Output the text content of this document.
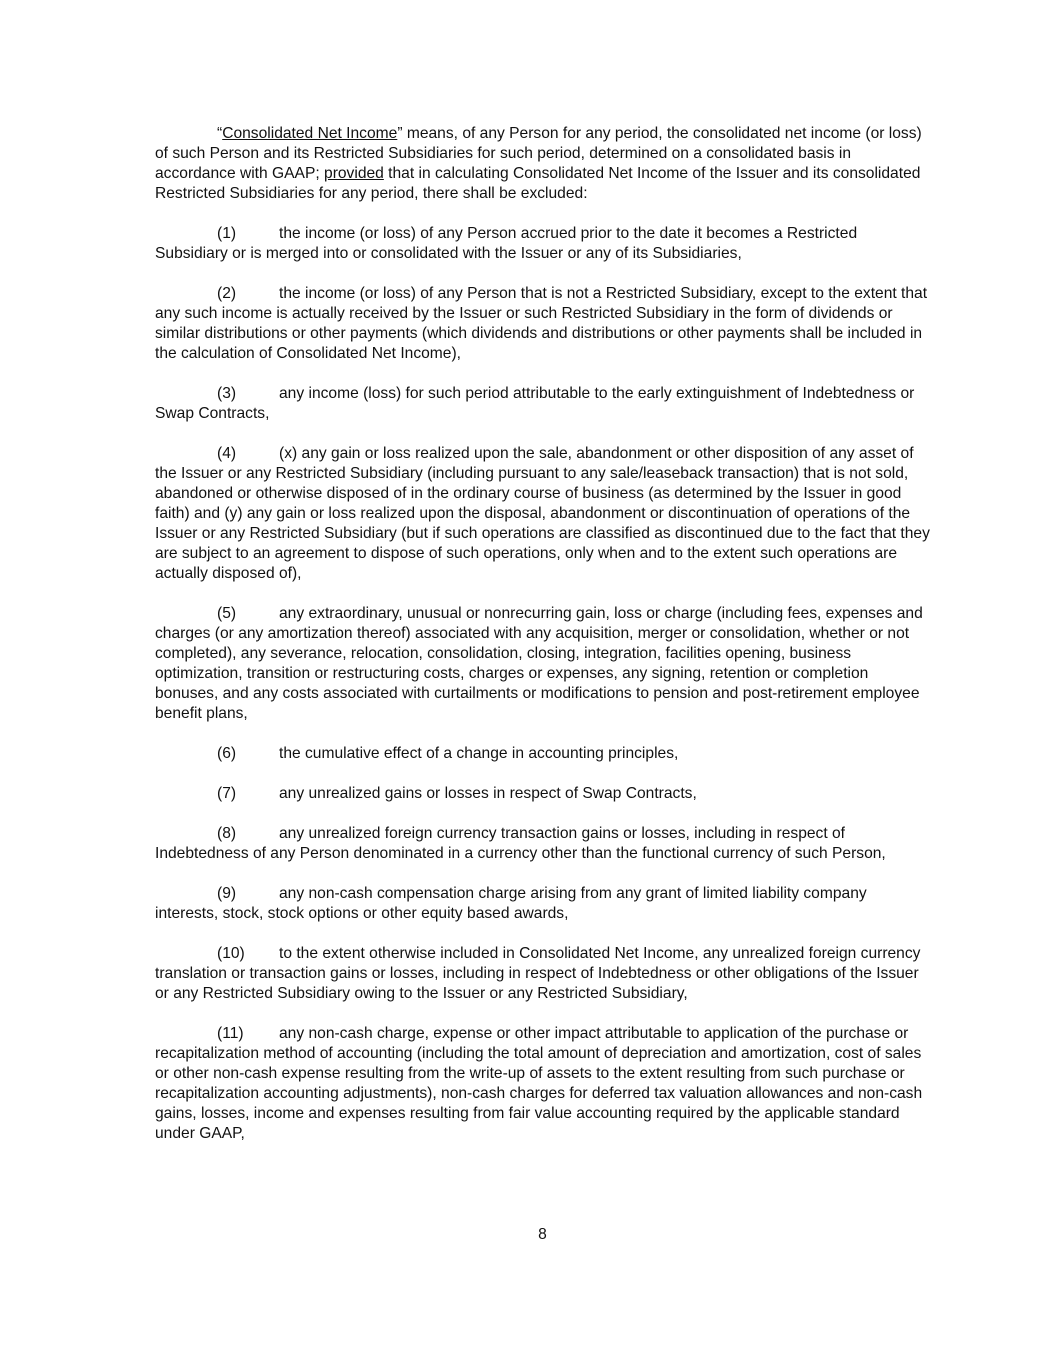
“Consolidated Net Income” means, of any Person for any period, the consolidated net income (or loss) of such Person and its Restricted Subsidiaries for such period, determined on a consolidated basis in accordance with GAAP; provided that in calculating Consolidated Net Income of the Issuer and its consolidated Restricted Subsidiaries for any period, there shall be excluded:

(1)	the income (or loss) of any Person accrued prior to the date it becomes a Restricted Subsidiary or is merged into or consolidated with the Issuer or any of its Subsidiaries,

(2)	the income (or loss) of any Person that is not a Restricted Subsidiary, except to the extent that any such income is actually received by the Issuer or such Restricted Subsidiary in the form of dividends or similar distributions or other payments (which dividends and distributions or other payments shall be included in the calculation of Consolidated Net Income),

(3)	any income (loss) for such period attributable to the early extinguishment of Indebtedness or Swap Contracts,

(4)	(x) any gain or loss realized upon the sale, abandonment or other disposition of any asset of the Issuer or any Restricted Subsidiary (including pursuant to any sale/leaseback transaction) that is not sold, abandoned or otherwise disposed of in the ordinary course of business (as determined by the Issuer in good faith) and (y) any gain or loss realized upon the disposal, abandonment or discontinuation of operations of the Issuer or any Restricted Subsidiary (but if such operations are classified as discontinued due to the fact that they are subject to an agreement to dispose of such operations, only when and to the extent such operations are actually disposed of),

(5)	any extraordinary, unusual or nonrecurring gain, loss or charge (including fees, expenses and charges (or any amortization thereof) associated with any acquisition, merger or consolidation, whether or not completed), any severance, relocation, consolidation, closing, integration, facilities opening, business optimization, transition or restructuring costs, charges or expenses, any signing, retention or completion bonuses, and any costs associated with curtailments or modifications to pension and post-retirement employee benefit plans,

(6)	the cumulative effect of a change in accounting principles,

(7)	any unrealized gains or losses in respect of Swap Contracts,

(8)	any unrealized foreign currency transaction gains or losses, including in respect of Indebtedness of any Person denominated in a currency other than the functional currency of such Person,

(9)	any non-cash compensation charge arising from any grant of limited liability company interests, stock, stock options or other equity based awards,

(10) to the extent otherwise included in Consolidated Net Income, any unrealized foreign currency translation or transaction gains or losses, including in respect of Indebtedness or other obligations of the Issuer or any Restricted Subsidiary owing to the Issuer or any Restricted Subsidiary,

(11) any non-cash charge, expense or other impact attributable to application of the purchase or recapitalization method of accounting (including the total amount of depreciation and amortization, cost of sales or other non-cash expense resulting from the write-up of assets to the extent resulting from such purchase or recapitalization accounting adjustments), non-cash charges for deferred tax valuation allowances and non-cash gains, losses, income and expenses resulting from fair value accounting required by the applicable standard under GAAP,

8
